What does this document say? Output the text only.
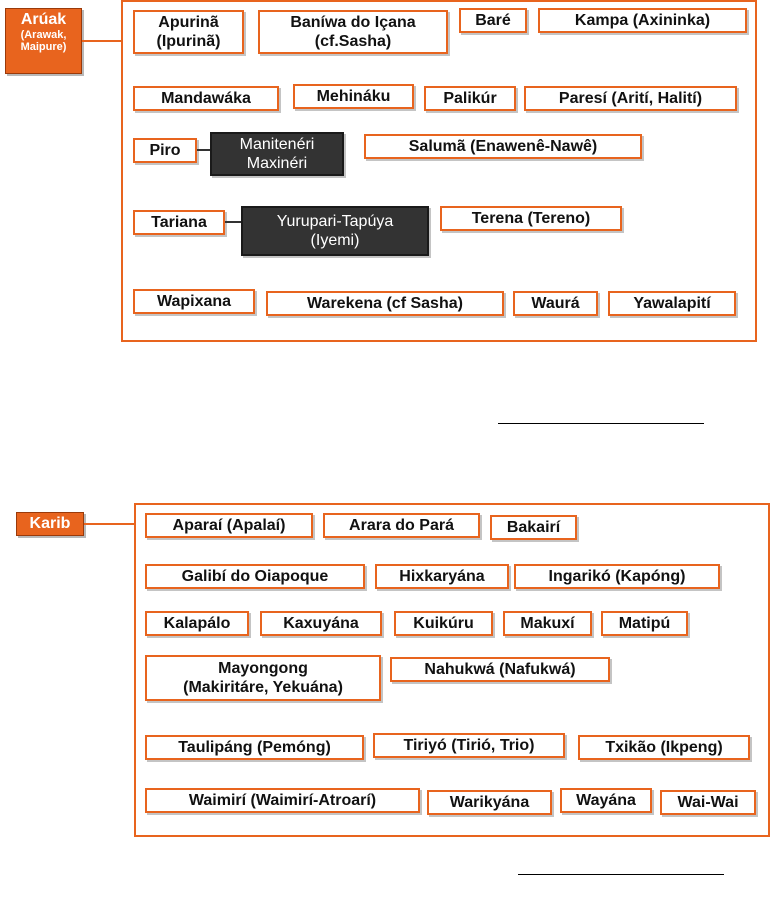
Arúak
(Arawak,
Maipure)
Apurinã
(Ipurinã)
Baníwa do Içana
(cf.Sasha)
Baré	Kampa (Axininka)
Mandawáka	Mehináku	Palikúr	Paresí (Arití, Halití)
Piro	Manitenéri
Maxinéri
Salumã (Enawenê-Nawê)
Tariana	Yurupari-Tapúya
(Iyemi)
Terena (Tereno)
Wapixana	Warekena (cf Sasha)	Waurá	Yawalapití
Karib	Aparaí (Apalaí)	Arara do Pará	Bakairí
Galibí do Oiapoque	Hixkaryána	Ingarikó (Kapóng)
Kalapálo	Kaxuyána	Kuikúru	Makuxí	Matipú
Mayongong
(Makiritáre, Yekuána)
Nahukwá (Nafukwá)
Taulipáng (Pemóng)	Tiriyó (Tirió, Trio)	Txikão (Ikpeng)
Waimirí (Waimirí-Atroarí)	Warikyána	Wayána	Wai-Wai
